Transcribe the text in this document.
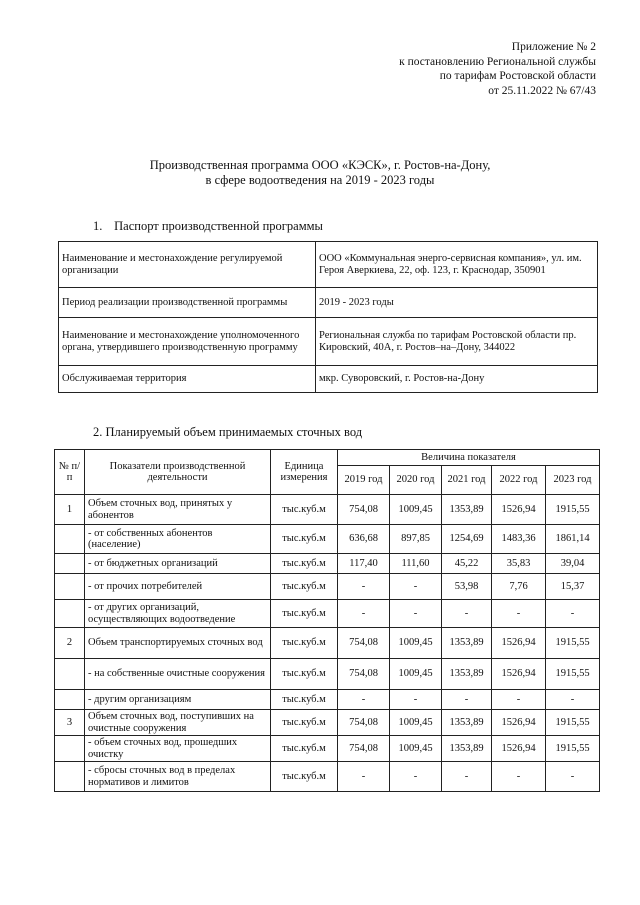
Приложение № 2
к постановлению Региональной службы
по тарифам Ростовской области
от 25.11.2022 № 67/43
Производственная программа ООО «КЭСК», г. Ростов-на-Дону,
в сфере водоотведения на 2019 - 2023 годы
1. Паспорт производственной программы
Наименование и местонахождение регулируемой организации	ООО «Коммунальная энерго-сервисная компания», ул. им. Героя Аверкиева, 22, оф. 123, г. Краснодар, 350901
Период реализации производственной программы	2019 - 2023 годы
Наименование и местонахождение уполномоченного органа, утвердившего производственную программу	Региональная служба по тарифам Ростовской области пр. Кировский, 40А, г. Ростов–на–Дону, 344022
Обслуживаемая территория	мкр. Суворовский, г. Ростов-на-Дону
2. Планируемый объем принимаемых сточных вод
№ п/п	Показатели производственной деятельности	Единица измерения	Величина показателя				
			2019 год	2020 год	2021 год	2022 год	2023 год
1	Объем сточных вод, принятых у абонентов	тыс.куб.м	754,08	1009,45	1353,89	1526,94	1915,55
	- от собственных абонентов (население)	тыс.куб.м	636,68	897,85	1254,69	1483,36	1861,14
	- от бюджетных организаций	тыс.куб.м	117,40	111,60	45,22	35,83	39,04
	- от прочих потребителей	тыс.куб.м	-	-	53,98	7,76	15,37
	- от других организаций, осуществляющих водоотведение	тыс.куб.м	-	-	-	-	-
2	Объем транспортируемых сточных вод	тыс.куб.м	754,08	1009,45	1353,89	1526,94	1915,55
	- на собственные очистные сооружения	тыс.куб.м	754,08	1009,45	1353,89	1526,94	1915,55
	- другим организациям	тыс.куб.м	-	-	-	-	-
3	Объем сточных вод, поступивших на очистные сооружения	тыс.куб.м	754,08	1009,45	1353,89	1526,94	1915,55
	- объем сточных вод, прошедших очистку	тыс.куб.м	754,08	1009,45	1353,89	1526,94	1915,55
	- сбросы сточных вод в пределах нормативов и лимитов	тыс.куб.м	-	-	-	-	-
